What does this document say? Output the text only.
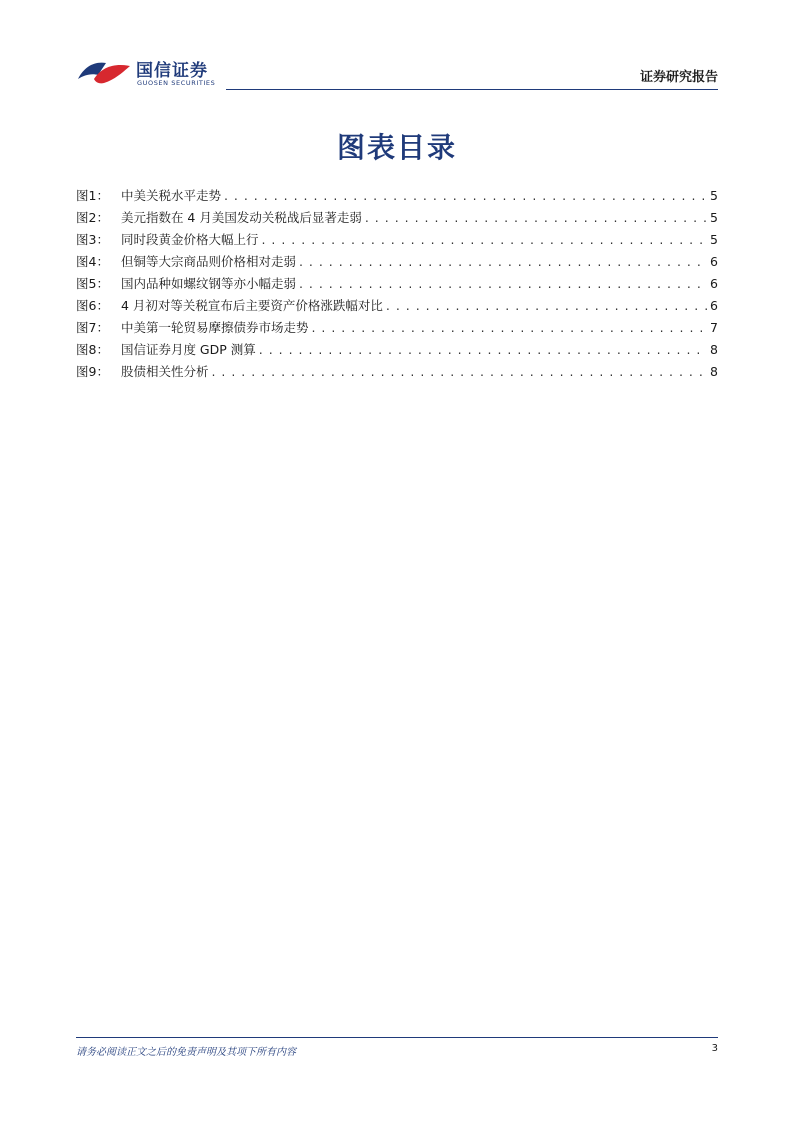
国信证券
GUOSEN SECURITIES	证券研究报告
图表目录
图1： 中美关税水平走势 . . .	5
图2： 美元指数在 4 月美国发动关税战后显著走弱 . . .	5
图3： 同时段黄金价格大幅上行 . . .	5
图4： 但铜等大宗商品则价格相对走弱 . . .	6
图5： 国内品种如螺纹钢等亦小幅走弱 . . .	6
图6： 4 月初对等关税宣布后主要资产价格涨跌幅对比 . . .	6
图7： 中美第一轮贸易摩擦债券市场走势 . . .	7
图8： 国信证券月度 GDP 测算 . . .	8
图9： 股债相关性分析 . . .	8
请务必阅读正文之后的免责声明及其项下所有内容	3
